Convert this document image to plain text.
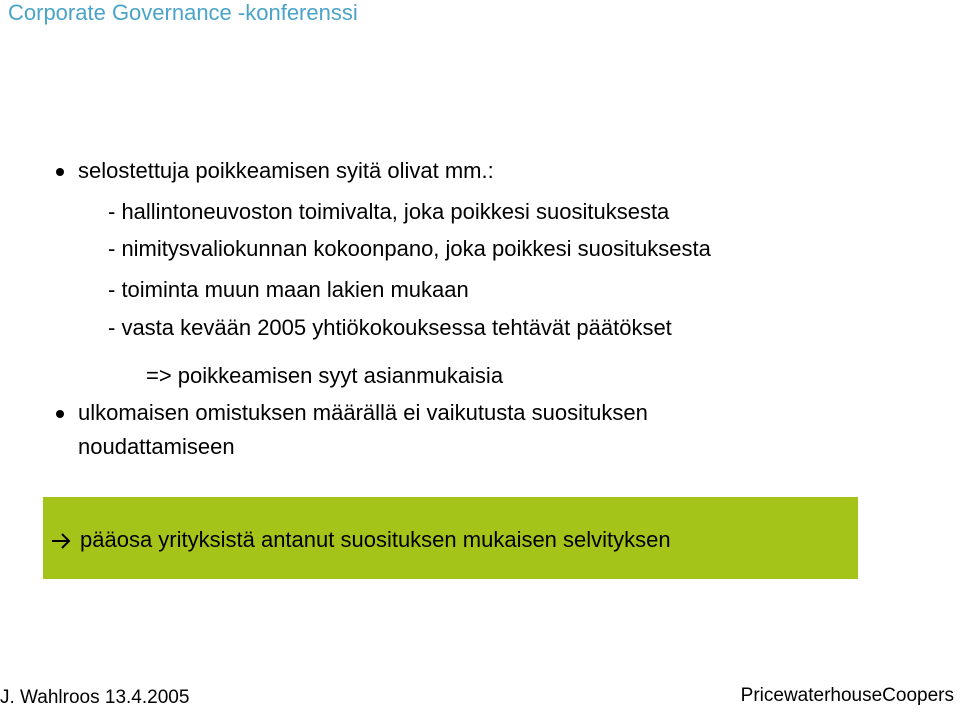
Corporate Governance -konferenssi
selostettuja poikkeamisen syitä olivat mm.:
- hallintoneuvoston toimivalta, joka poikkesi suosituksesta
- nimitysvaliokunnan kokoonpano, joka poikkesi suosituksesta
- toiminta muun maan lakien mukaan
- vasta kevään 2005 yhtiökokouksessa tehtävät päätökset
=> poikkeamisen syyt asianmukaisia
ulkomaisen omistuksen määrällä ei vaikutusta suosituksen
noudattamiseen
pääosa yrityksistä antanut suosituksen mukaisen selvityksen
J. Wahlroos 13.4.2005	PricewaterhouseCoopers
